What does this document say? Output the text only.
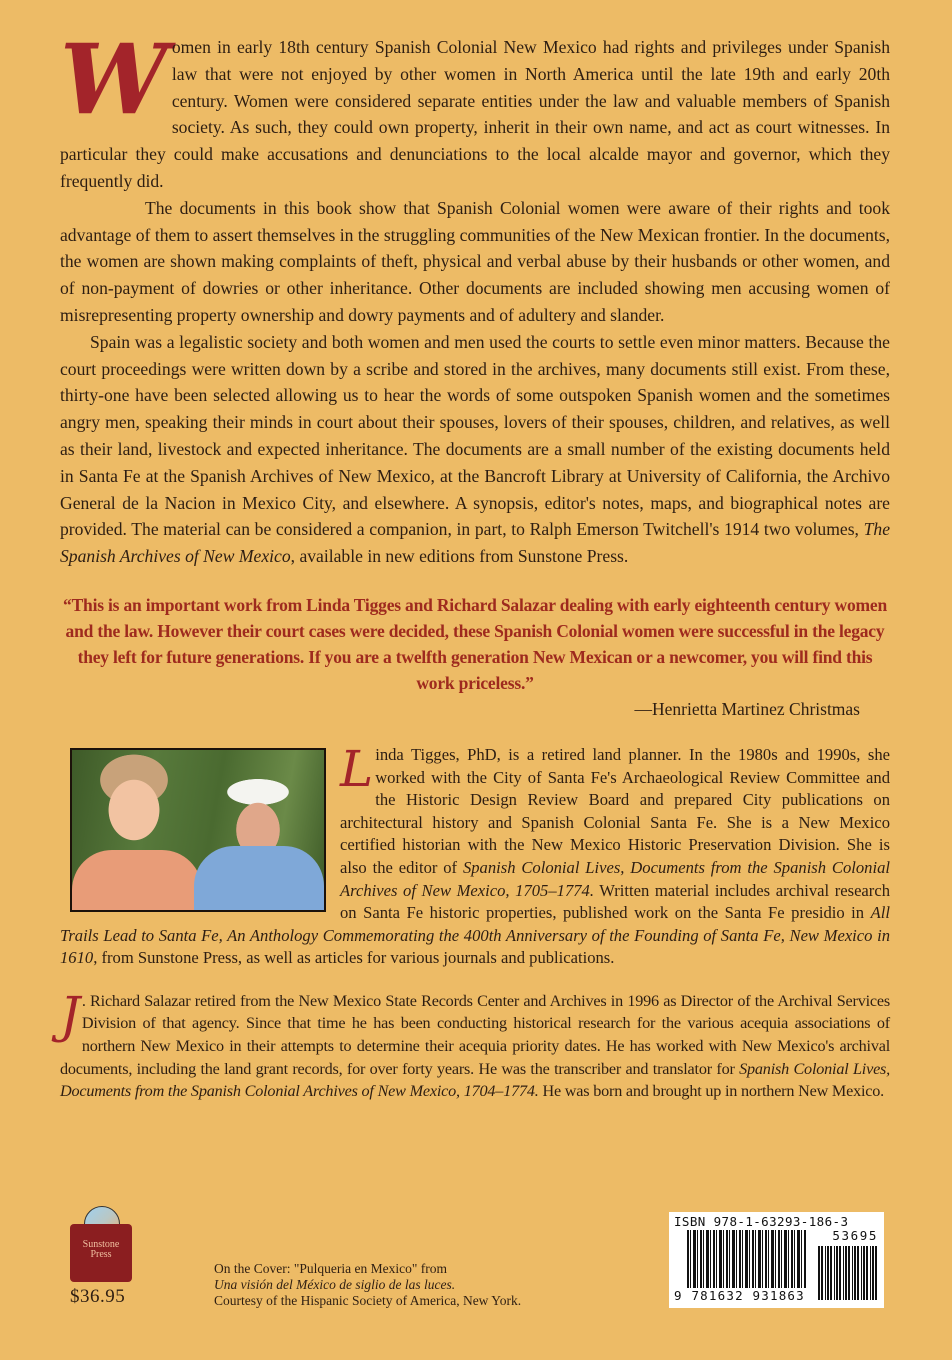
Women in early 18th century Spanish Colonial New Mexico had rights and privileges under Spanish law that were not enjoyed by other women in North America until the late 19th and early 20th century. Women were considered separate entities under the law and valuable members of Spanish society. As such, they could own property, inherit in their own name, and act as court witnesses. In particular they could make accusations and denunciations to the local alcalde mayor and governor, which they frequently did.

The documents in this book show that Spanish Colonial women were aware of their rights and took advantage of them to assert themselves in the struggling communities of the New Mexican frontier. In the documents, the women are shown making complaints of theft, physical and verbal abuse by their husbands or other women, and of non-payment of dowries or other inheritance. Other documents are included showing men accusing women of misrepresenting property ownership and dowry payments and of adultery and slander.

Spain was a legalistic society and both women and men used the courts to settle even minor matters. Because the court proceedings were written down by a scribe and stored in the archives, many documents still exist. From these, thirty-one have been selected allowing us to hear the words of some outspoken Spanish women and the sometimes angry men, speaking their minds in court about their spouses, lovers of their spouses, children, and relatives, as well as their land, livestock and expected inheritance. The documents are a small number of the existing documents held in Santa Fe at the Spanish Archives of New Mexico, at the Bancroft Library at University of California, the Archivo General de la Nacion in Mexico City, and elsewhere. A synopsis, editor's notes, maps, and biographical notes are provided. The material can be considered a companion, in part, to Ralph Emerson Twitchell's 1914 two volumes, The Spanish Archives of New Mexico, available in new editions from Sunstone Press.

“This is an important work from Linda Tigges and Richard Salazar dealing with early eighteenth century women and the law. However their court cases were decided, these Spanish Colonial women were successful in the legacy they left for future generations. If you are a twelfth generation New Mexican or a newcomer, you will find this work priceless.”

—Henrietta Martinez Christmas

Linda Tigges, PhD, is a retired land planner. In the 1980s and 1990s, she worked with the City of Santa Fe's Archaeological Review Committee and the Historic Design Review Board and prepared City publications on architectural history and Spanish Colonial Santa Fe. She is a New Mexico certified historian with the New Mexico Historic Preservation Division. She is also the editor of Spanish Colonial Lives, Documents from the Spanish Colonial Archives of New Mexico, 1705–1774. Written material includes archival research on Santa Fe historic properties, published work on the Santa Fe presidio in All Trails Lead to Santa Fe, An Anthology Commemorating the 400th Anniversary of the Founding of Santa Fe, New Mexico in 1610, from Sunstone Press, as well as articles for various journals and publications.

J . Richard Salazar retired from the New Mexico State Records Center and Archives in 1996 as Director of the Archival Services Division of that agency. Since that time he has been conducting historical research for the various acequia associations of northern New Mexico in their attempts to determine their acequia priority dates. He has worked with New Mexico's archival documents, including the land grant records, for over forty years. He was the transcriber and translator for Spanish Colonial Lives, Documents from the Spanish Colonial Archives of New Mexico, 1704–1774. He was born and brought up in northern New Mexico.

Sunstone
Press
$36.95
On the Cover: "Pulqueria en Mexico" from
Una visión del México de siglio de las luces.
Courtesy of the Hispanic Society of America, New York.
ISBN 978-1-63293-186-3
53695
9 781632 931863
